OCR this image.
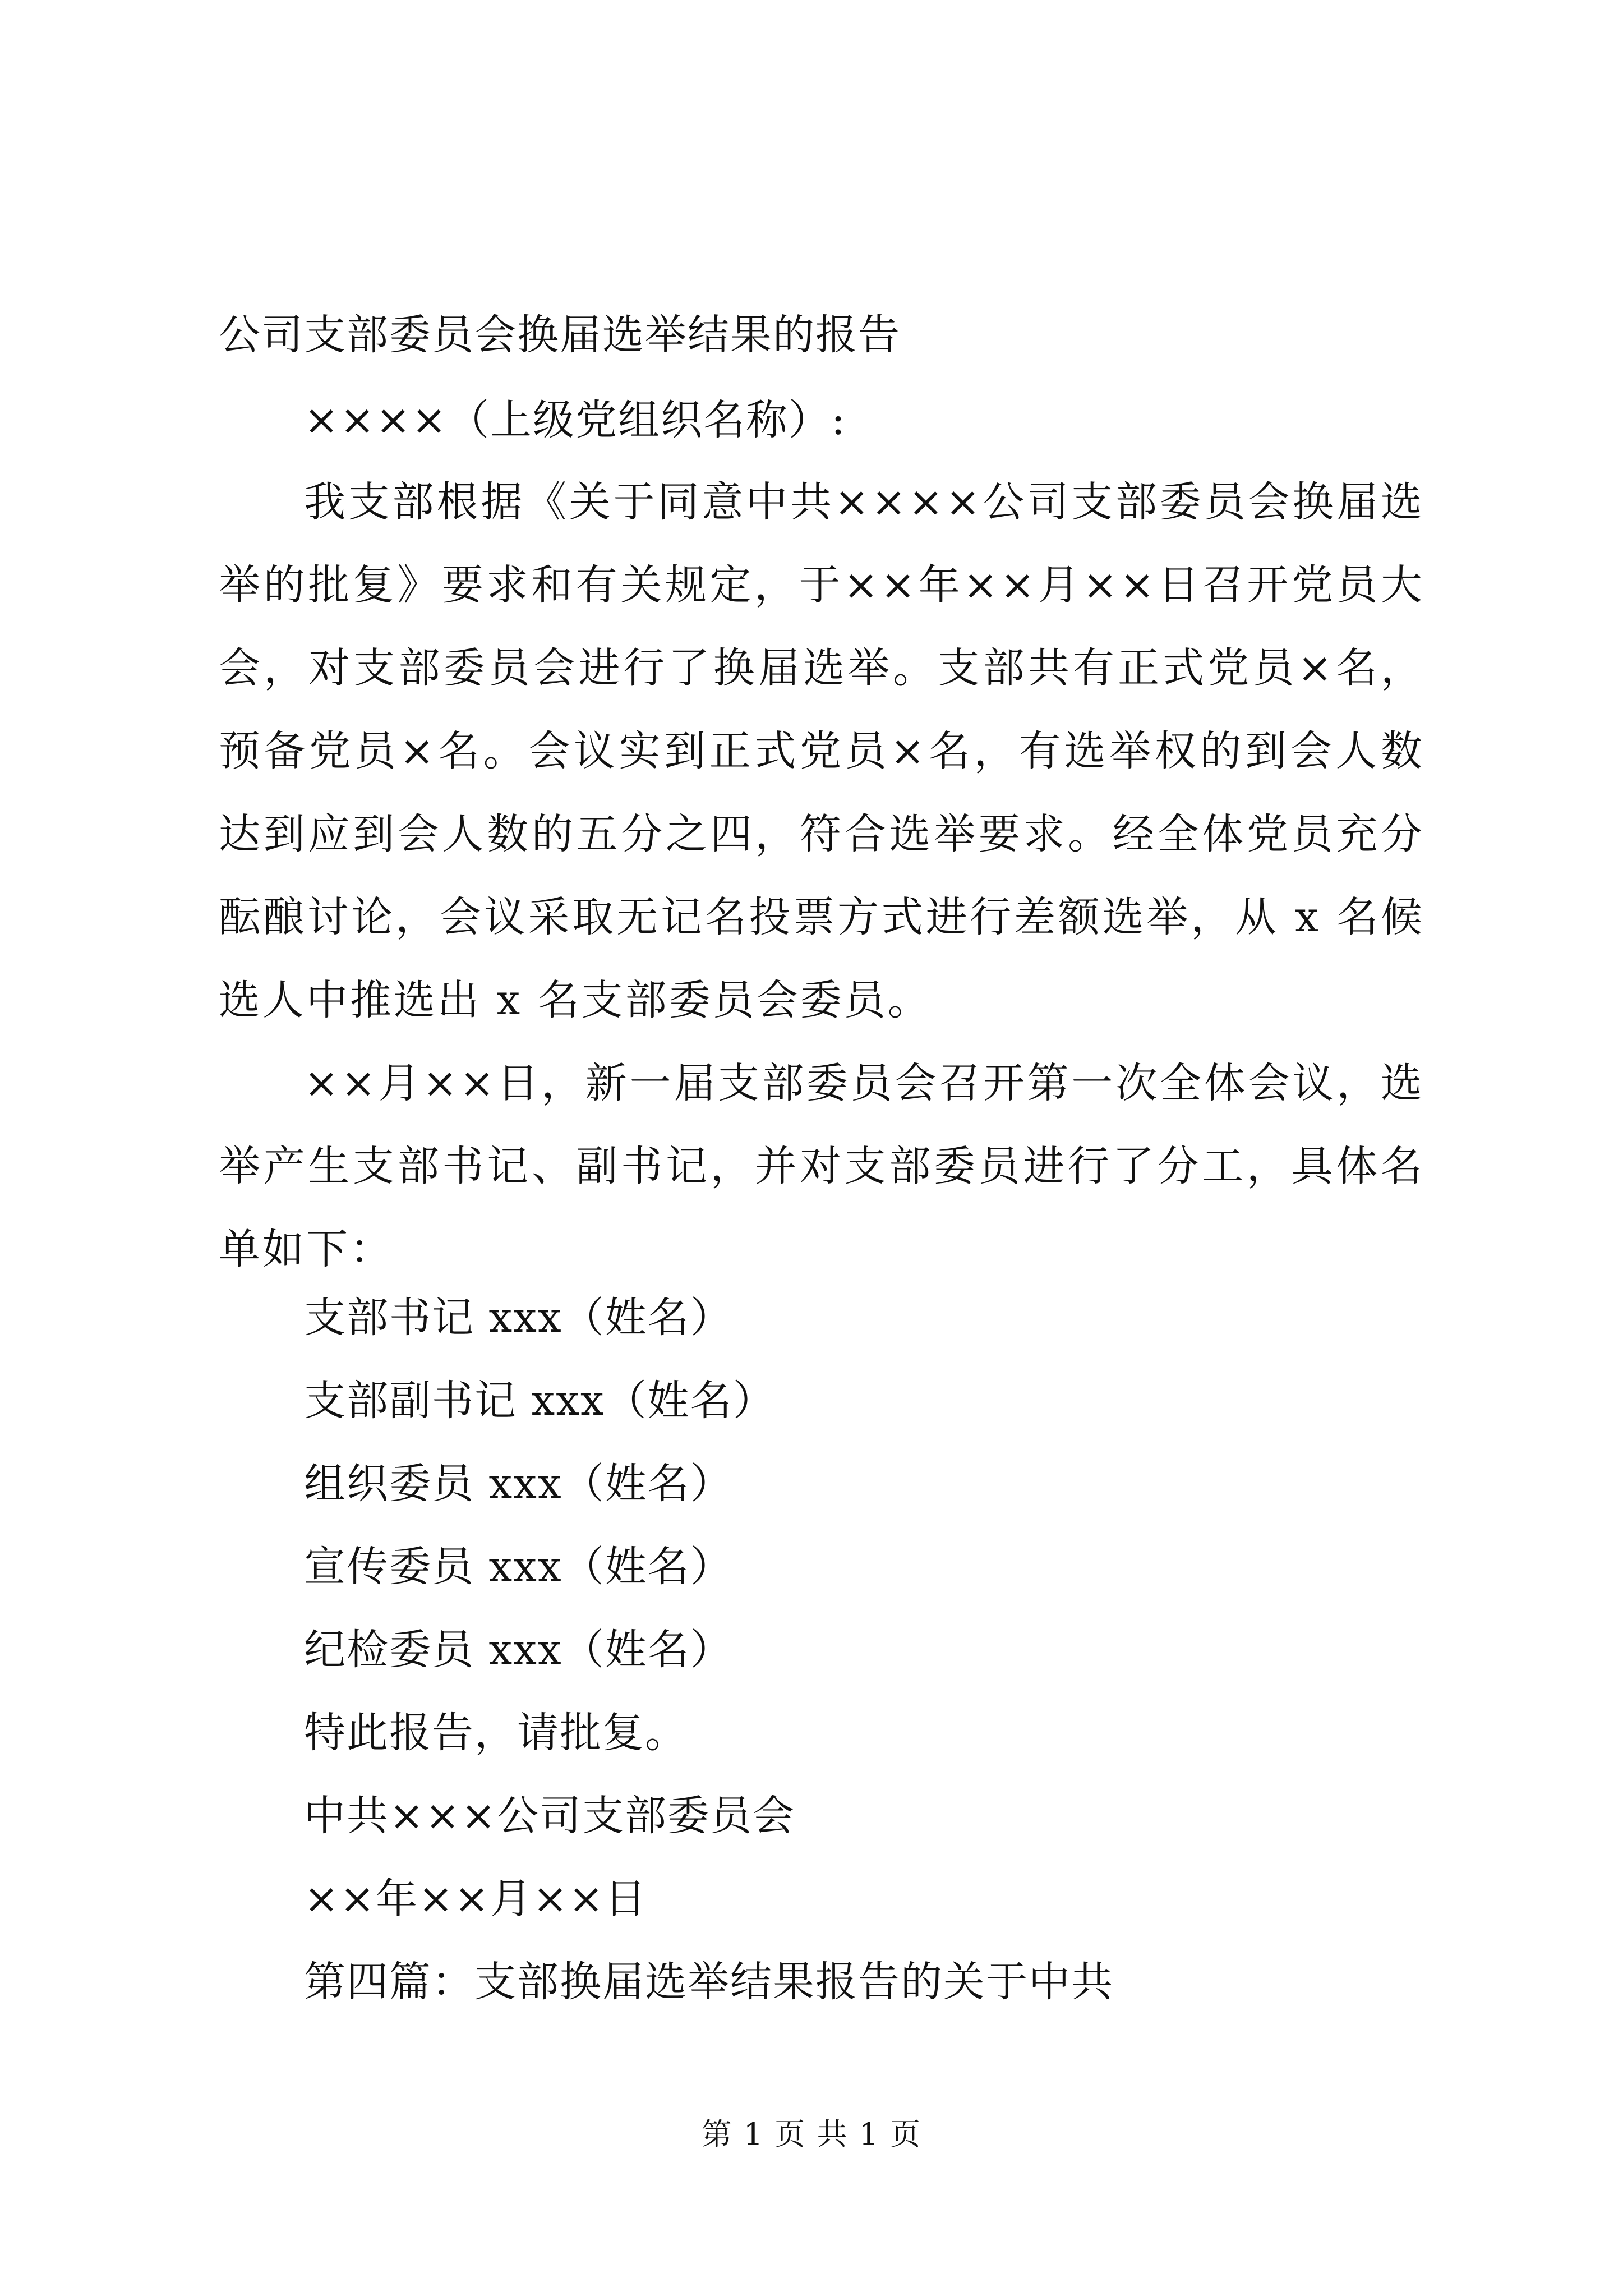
公司支部委员会换届选举结果的报告
××××（上级党组织名称）:
我支部根据《关于同意中共××××公司支部委员会换届选举的批复》要求和有关规定，于××年××月××日召开党员大会，对支部委员会进行了换届选举。支部共有正式党员×名，预备党员×名。会议实到正式党员×名，有选举权的到会人数达到应到会人数的五分之四，符合选举要求。经全体党员充分酝酿讨论，会议采取无记名投票方式进行差额选举，从 x 名候选人中推选出 x 名支部委员会委员。
××月××日，新一届支部委员会召开第一次全体会议，选举产生支部书记、副书记，并对支部委员进行了分工，具体名单如下：
支部书记 xxx（姓名）
支部副书记 xxx（姓名）
组织委员 xxx（姓名）
宣传委员 xxx（姓名）
纪检委员 xxx（姓名）
特此报告，请批复。
中共×××公司支部委员会
××年××月××日
第四篇：支部换届选举结果报告的关于中共
第 1 页 共 1 页
